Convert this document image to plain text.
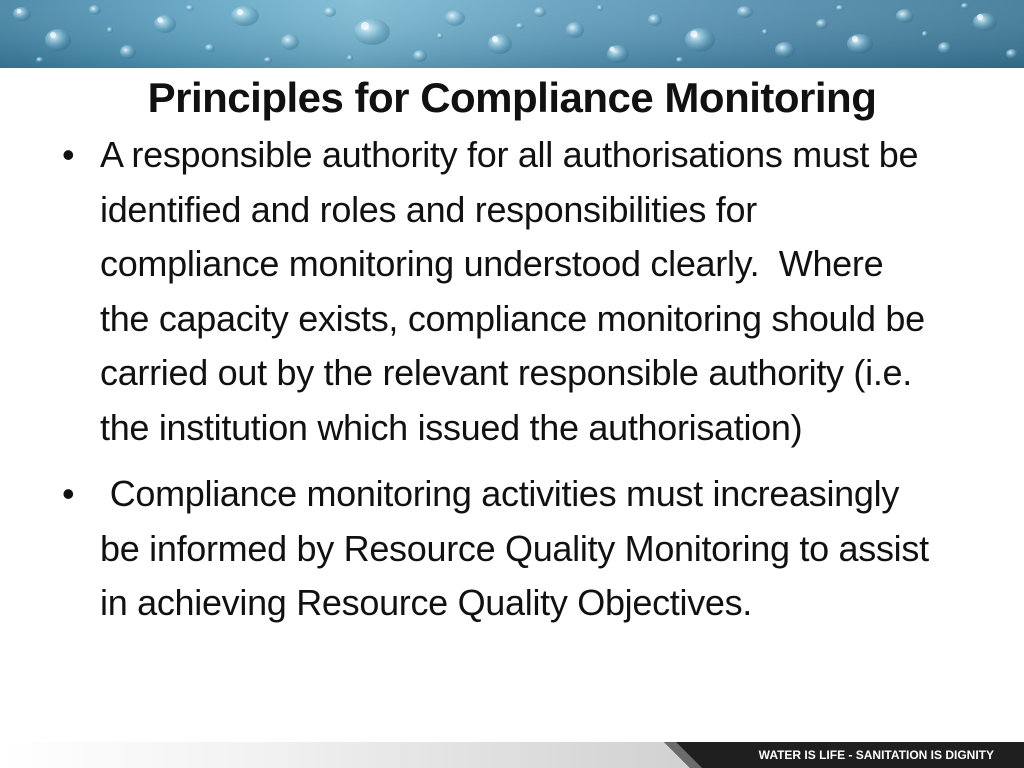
Principles for Compliance Monitoring
• A responsible authority for all authorisations must be identified and roles and responsibilities for compliance monitoring understood clearly.  Where the capacity exists, compliance monitoring should be carried out by the relevant responsible authority (i.e. the institution which issued the authorisation)
• Compliance monitoring activities must increasingly be informed by Resource Quality Monitoring to assist in achieving Resource Quality Objectives.
WATER IS LIFE - SANITATION IS DIGNITY
